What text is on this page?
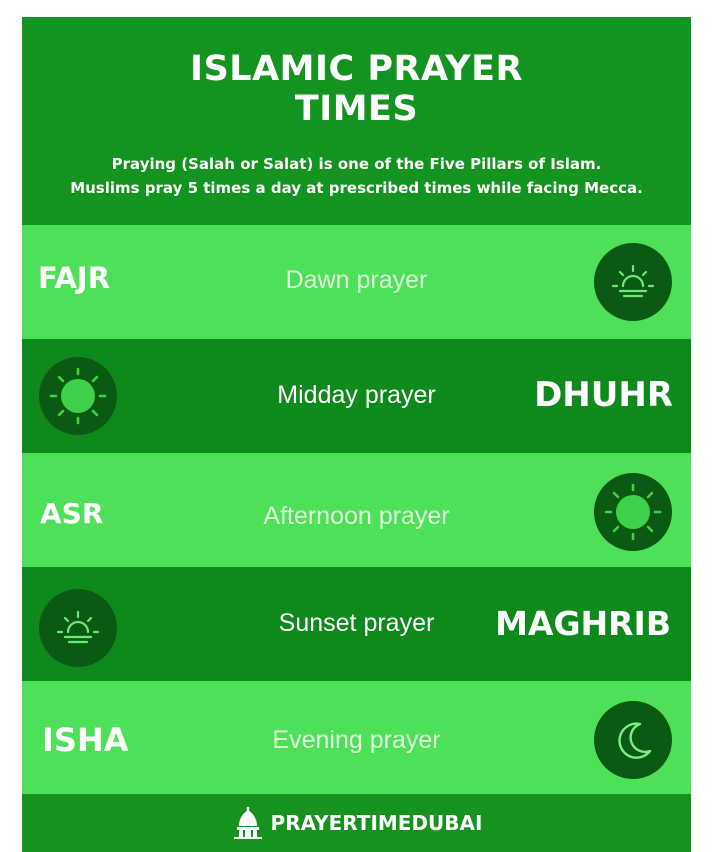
ISLAMIC PRAYER
TIMES
Praying (Salah or Salat) is one of the Five Pillars of Islam.
Muslims pray 5 times a day at prescribed times while facing Mecca.
FAJR	Dawn prayer
Midday prayer	DHUHR
ASR	Afternoon prayer
Sunset prayer	MAGHRIB
ISHA	Evening prayer
PRAYERTIMEDUBAI
